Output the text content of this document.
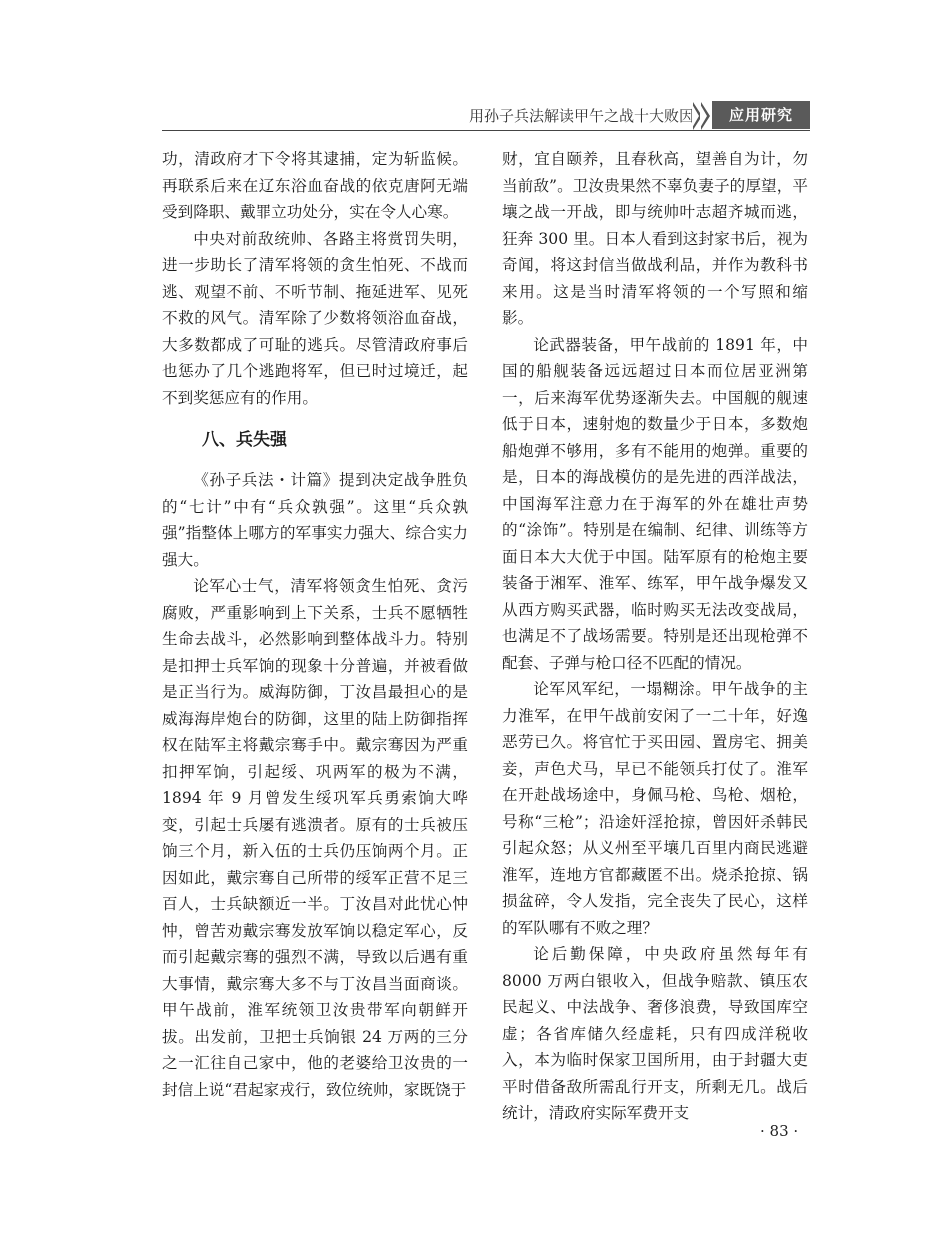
用孙子兵法解读甲午之战十大败因	应用研究

功，清政府才下令将其逮捕，定为斩监候。再联系后来在辽东浴血奋战的依克唐阿无端受到降职、戴罪立功处分，实在令人心寒。

中央对前敌统帅、各路主将赏罚失明，进一步助长了清军将领的贪生怕死、不战而逃、观望不前、不听节制、拖延进军、见死不救的风气。清军除了少数将领浴血奋战，大多数都成了可耻的逃兵。尽管清政府事后也惩办了几个逃跑将军，但已时过境迁，起不到奖惩应有的作用。

八、兵失强

《孙子兵法・计篇》提到决定战争胜负的“七计”中有“兵众孰强”。这里“兵众孰强”指整体上哪方的军事实力强大、综合实力强大。

论军心士气，清军将领贪生怕死、贪污腐败，严重影响到上下关系，士兵不愿牺牲生命去战斗，必然影响到整体战斗力。特别是扣押士兵军饷的现象十分普遍，并被看做是正当行为。威海防御，丁汝昌最担心的是威海海岸炮台的防御，这里的陆上防御指挥权在陆军主将戴宗骞手中。戴宗骞因为严重扣押军饷，引起绥、巩两军的极为不满，1894 年 9 月曾发生绥巩军兵勇索饷大哗变，引起士兵屡有逃溃者。原有的士兵被压饷三个月，新入伍的士兵仍压饷两个月。正因如此，戴宗骞自己所带的绥军正营不足三百人，士兵缺额近一半。丁汝昌对此忧心忡忡，曾苦劝戴宗骞发放军饷以稳定军心，反而引起戴宗骞的强烈不满，导致以后遇有重大事情，戴宗骞大多不与丁汝昌当面商谈。甲午战前，淮军统领卫汝贵带军向朝鲜开拔。出发前，卫把士兵饷银 24 万两的三分之一汇往自己家中，他的老婆给卫汝贵的一封信上说“君起家戎行，致位统帅，家既饶于

财，宜自颐养，且春秋高，望善自为计，勿当前敌”。卫汝贵果然不辜负妻子的厚望，平壤之战一开战，即与统帅叶志超齐城而逃，狂奔 300 里。日本人看到这封家书后，视为奇闻，将这封信当做战利品，并作为教科书来用。这是当时清军将领的一个写照和缩影。

论武器装备，甲午战前的 1891 年，中国的船舰装备远远超过日本而位居亚洲第一，后来海军优势逐渐失去。中国舰的舰速低于日本，速射炮的数量少于日本，多数炮船炮弹不够用，多有不能用的炮弹。重要的是，日本的海战模仿的是先进的西洋战法，中国海军注意力在于海军的外在雄壮声势的“涂饰”。特别是在编制、纪律、训练等方面日本大大优于中国。陆军原有的枪炮主要装备于湘军、淮军、练军，甲午战争爆发又从西方购买武器，临时购买无法改变战局，也满足不了战场需要。特别是还出现枪弹不配套、子弹与枪口径不匹配的情况。

论军风军纪，一塌糊涂。甲午战争的主力淮军，在甲午战前安闲了一二十年，好逸恶劳已久。将官忙于买田园、置房宅、拥美妾，声色犬马，早已不能领兵打仗了。淮军在开赴战场途中，身佩马枪、鸟枪、烟枪，号称“三枪”；沿途奸淫抢掠，曾因奸杀韩民引起众怒；从义州至平壤几百里内商民逃避淮军，连地方官都藏匿不出。烧杀抢掠、锅损盆碎，令人发指，完全丧失了民心，这样的军队哪有不败之理？

论后勤保障，中央政府虽然每年有 8000 万两白银收入，但战争赔款、镇压农民起义、中法战争、奢侈浪费，导致国库空虚；各省库储久经虚耗，只有四成洋税收入，本为临时保家卫国所用，由于封疆大吏平时借备敌所需乱行开支，所剩无几。战后统计，清政府实际军费开支

· 83 ·
